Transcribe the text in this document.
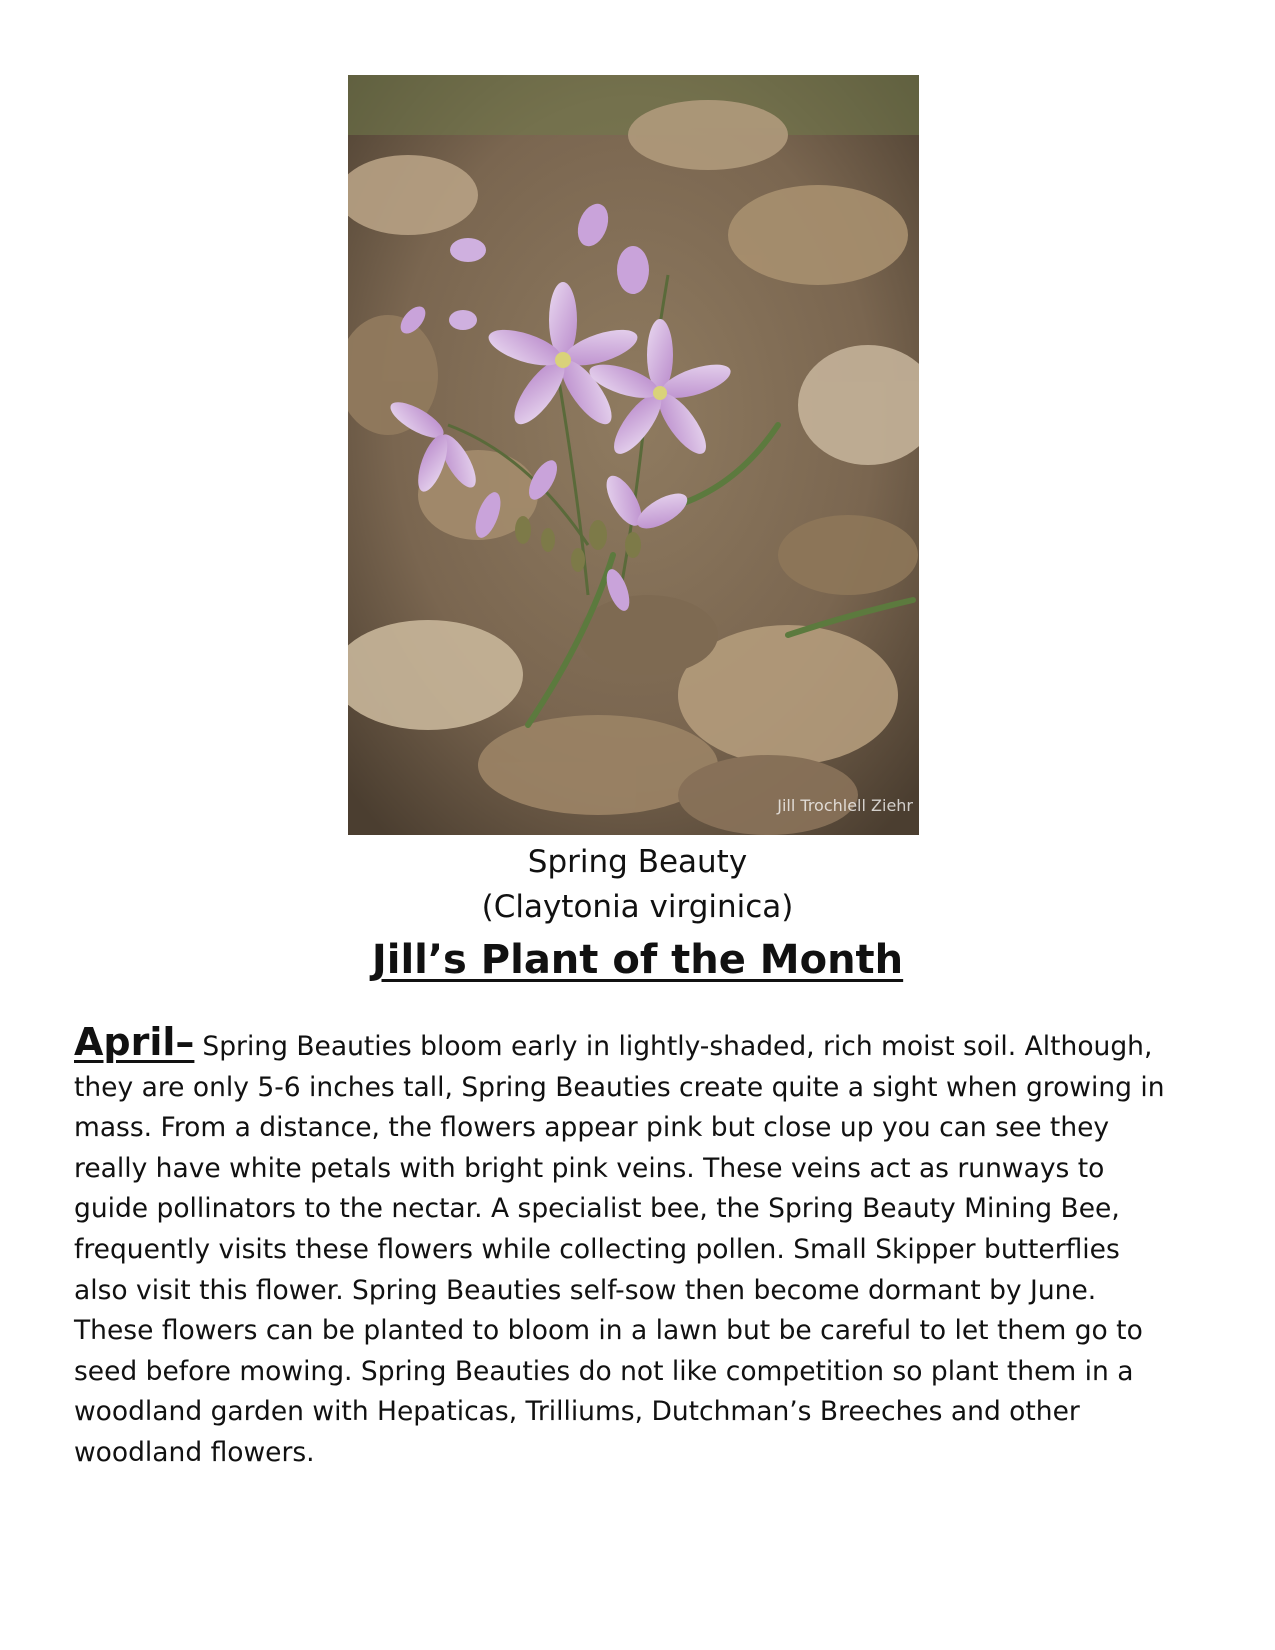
Jill Trochlell Ziehr
Spring Beauty
(Claytonia virginica)
Jill’s Plant of the Month
April– Spring Beauties bloom early in lightly-shaded, rich moist soil. Although,
they are only 5-6 inches tall, Spring Beauties create quite a sight when growing in
mass. From a distance, the flowers appear pink but close up you can see they
really have white petals with bright pink veins. These veins act as runways to
guide pollinators to the nectar. A specialist bee, the Spring Beauty Mining Bee,
frequently visits these flowers while collecting pollen. Small Skipper butterflies
also visit this flower. Spring Beauties self-sow then become dormant by June.
These flowers can be planted to bloom in a lawn but be careful to let them go to
seed before mowing. Spring Beauties do not like competition so plant them in a
woodland garden with Hepaticas, Trilliums, Dutchman’s Breeches and other
woodland flowers.
